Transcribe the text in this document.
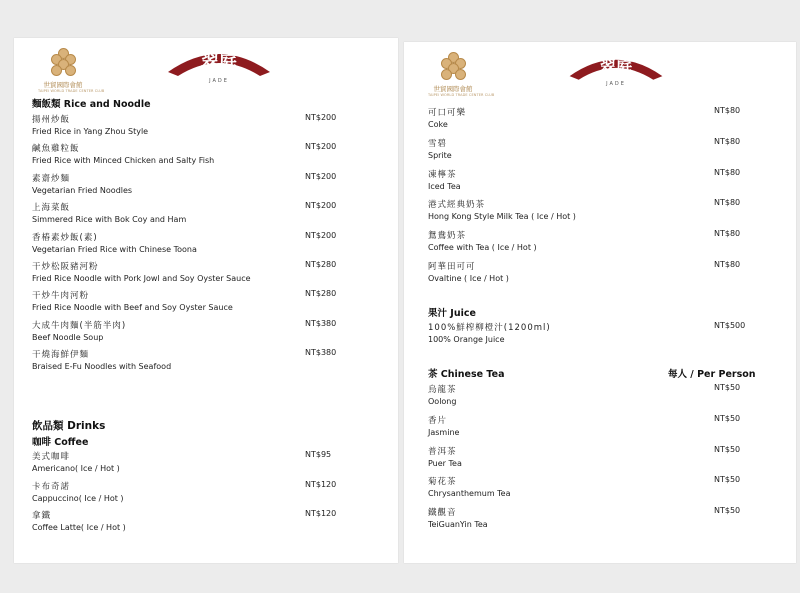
世貿國際會館
TAIPEI WORLD TRADE CENTER CLUB
翠庭
JADE
麵飯類 Rice and Noodle
揚州炒飯	NT$200
Fried Rice in Yang Zhou Style
鹹魚雞粒飯	NT$200
Fried Rice with Minced Chicken and Salty Fish
素齋炒麵	NT$200
Vegetarian Fried Noodles
上海菜飯	NT$200
Simmered Rice with Bok Coy and Ham
香椿素炒飯(素)	NT$200
Vegetarian Fried Rice with Chinese Toona
干炒松阪豬河粉	NT$280
Fried Rice Noodle with Pork Jowl and Soy Oyster Sauce
干炒牛肉河粉	NT$280
Fried Rice Noodle with Beef and Soy Oyster Sauce
大成牛肉麵(半筋半肉)	NT$380
Beef Noodle Soup
干燒海鮮伊麵	NT$380
Braised E-Fu Noodles with Seafood
飲品類 Drinks
咖啡 Coffee
美式咖啡	NT$95
Americano( Ice / Hot )
卡布奇諾	NT$120
Cappuccino( Ice / Hot )
拿鐵	NT$120
Coffee Latte( Ice / Hot )
世貿國際會館
TAIPEI WORLD TRADE CENTER CLUB
翠庭
JADE
可口可樂	NT$80
Coke
雪碧	NT$80
Sprite
凍檸茶	NT$80
Iced Tea
港式經典奶茶	NT$80
Hong Kong Style Milk Tea ( Ice / Hot )
鴛鴦奶茶	NT$80
Coffee with Tea ( Ice / Hot )
阿華田可可	NT$80
Ovaltine ( Ice / Hot )
果汁 Juice
100%鮮榨柳橙汁(1200ml)	NT$500
100% Orange Juice
茶 Chinese Tea	每人 / Per Person
烏龍茶	NT$50
Oolong
香片	NT$50
Jasmine
普洱茶	NT$50
Puer Tea
菊花茶	NT$50
Chrysanthemum Tea
鐵觀音	NT$50
TeiGuanYin Tea
